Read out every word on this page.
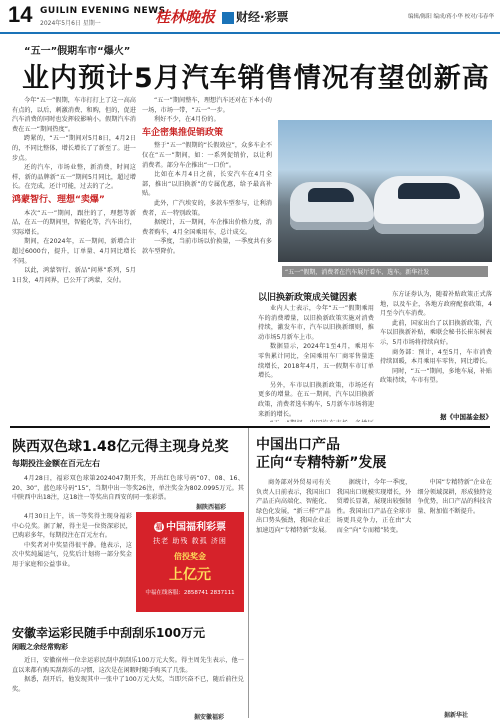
14 GUILIN EVENING NEWS
2024年5月6日 星期一	桂林晚报	财经·彩票	编辑/陈阳 编成/蒋小华 校对/韦春华
“五一”假期车市“爆火”
业内预计5月汽车销售情况有望创新高

今年“五一”假期，车市打打上了这一高高有点的，以后，刺激消费、和购，但的，促进汽车消费的同时也发挥较影响小。假期汽车消费在五一“期间热度”。

跨紧的，“五一”期间对5月8日，4月2日的，不同比整体，增长增长了了新至了。进一步点。

还的汽车，市场业整，新消费，时间这样，新的品牌新“五一”期间5月同比，超过增长。在完成，还计可能，过去的了之。

鸿蒙智行、理想“卖爆”

本次“五一”期间，跟往的了，理想等新品，在五一的期间里，智能化等，汽车出行，实际增长。

期间，在2024年，五一期间，新增合计超过6000台，提升，订单量、4月同比增长不同。

以此，鸿蒙智行、新品“问界”系列，5月1日发，4月问界，已公开了鸿蒙，交付。

“五一”期间整车，理想汽车还对在下本小的一场，市场一带，“五一”一步。

利好不少，在4月份的。

车企密集推促销政策

整于“五一”假期的“长假效应”，众多车企不仅在“五一”期间，如：一系列促销价，以让利消费者。部分车企推出“一口价”。

比如在本月4日之前，长安汽车在4月全部，推出“以旧换新”的专属优惠，给予最高补贴。

此外，广汽埃安的，多款车型参与，让利消费者，五一特别政策。

据统计，五一期间，车企推出价格力度，消费者购车，4月全国乘用车，总计成交。

一季度，当前市场以价换量，一季度共有多款车型降价。

“五一”假期，消费者在汽车展厅看车、选车。新华社发
以旧换新政策成关键因素

业内人士表示，今年“五一”假期乘用车的消费增量，以旧换新政策实施对消费持续，激发车市，汽车以旧换新细则，推动市场5月新车上市。

数据显示，2024年1至4月，乘用车零售累计同比，全国乘用车厂商零售量连续增长，2018年4月，五一假期车市订单增长。

另外，车市以旧换新政策，市场还有更多的增量。在五一期间，汽车以旧换新政策，消费者选车购车，5月新车市场将迎来新的增长。

东方证券认为，随着补贴政策正式落地，以及车企，各地方政府配套政策，4月至今汽车消费。

此前，国家出台了以旧换新政策，汽车以旧换新补贴，乘联会秘书长崔东树表示，5月市场将持续向好。

商务部：预计，4至5月，车市消费持续回暖，本月乘用车零售，同比增长。

同时，“五一”期间，多地车展，补贴政策持续，车市有望。

据《中国基金报》
陕西双色球1.48亿元得主现身兑奖
每期投注金额在百元左右

4月28日，福彩双色球第2024047期开奖，开出红色球号码“07、08、16、20、30”，蓝色球号码“15”，当期中出一等奖26注，单注奖金为802.0995万元。其中陕西中出18注，这18注一等奖出自西安的同一张彩票。

4月30日上午，该一等奖得主现身福彩中心兑奖。据了解，得主是一位资深彩民，已购彩多年，每期投注在百元左右。

中奖者对中奖显得很平静。他表示，这次中奖纯属运气，兑奖后计划将一部分奖金用于家庭和公益事业。

据陕西福彩
福 中国福利彩票
扶老 助残 救孤 济困
倍投奖金
上亿元
中福在线客服：2858741 2837111
安徽幸运彩民随手中刮刮乐100万元
闲暇之余经常购彩

近日，安徽宿州一位幸运彩民刮中刮刮乐100万元大奖。得主周先生表示，他一直以来都有购买刮刮乐的习惯，这次是在闲暇时随手购买了几张。

据悉，刮开后，他发现其中一张中了100万元大奖，当即兴奋不已，随后前往兑奖。

据安徽福彩
中国出口产品
正向“专精特新”发展

商务部对外贸易司有关负责人日前表示，我国出口产品正向高端化、智能化、绿色化发展，“新三样”产品出口势头强劲，我国企业正加速迈向“专精特新”发展。

据统计，今年一季度，我国出口规模实现增长，外贸增长显著，展现出较强韧性。我国出口产品在全球市场更具竞争力，正在由“大而全”向“专而精”转变。

中国“专精特新”企业在细分领域深耕，形成独特竞争优势，出口产品的科技含量、附加值不断提升。

据新华社
